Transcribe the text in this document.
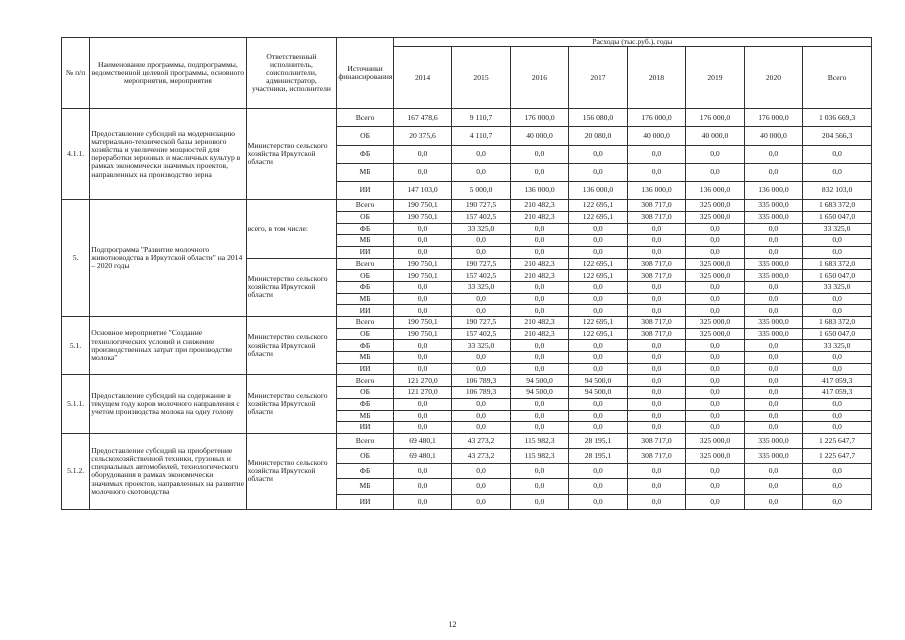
№ п/п	Наименование программы, подпрограммы, ведомственной целевой программы, основного мероприятия, мероприятия	Ответственный исполнитель, соисполнители, администратор, участники, исполнители	Источники финансирования	Расходы (тыс.руб.), годы							
				2014	2015	2016	2017	2018	2019	2020	Всего
4.1.1.	Предоставление субсидий на модернизацию материально-технической базы зернового хозяйства и увеличение мощностей для переработки зерновых и масличных культур в рамках экономически значимых проектов, направленных на производство зерна	Министерство сельского хозяйства Иркутской области	Всего	167 478,6	9 110,7	176 000,0	156 080,0	176 000,0	176 000,0	176 000,0	1 036 669,3
			ОБ	20 375,6	4 110,7	40 000,0	20 080,0	40 000,0	40 000,0	40 000,0	204 566,3
			ФБ	0,0	0,0	0,0	0,0	0,0	0,0	0,0	0,0
			МБ	0,0	0,0	0,0	0,0	0,0	0,0	0,0	0,0
			ИИ	147 103,0	5 000,0	136 000,0	136 000,0	136 000,0	136 000,0	136 000,0	832 103,0
5.	Подпрограмма "Развитие молочного животноводства в Иркутской области" на 2014 – 2020 годы	всего, в том числе:	Всего	190 750,1	190 727,5	210 482,3	122 695,1	308 717,0	325 000,0	335 000,0	1 683 372,0
			ОБ	190 750,1	157 402,5	210 482,3	122 695,1	308 717,0	325 000,0	335 000,0	1 650 047,0
			ФБ	0,0	33 325,0	0,0	0,0	0,0	0,0	0,0	33 325,0
			МБ	0,0	0,0	0,0	0,0	0,0	0,0	0,0	0,0
			ИИ	0,0	0,0	0,0	0,0	0,0	0,0	0,0	0,0
		Министерство сельского хозяйства Иркутской области	Всего	190 750,1	190 727,5	210 482,3	122 695,1	308 717,0	325 000,0	335 000,0	1 683 372,0
			ОБ	190 750,1	157 402,5	210 482,3	122 695,1	308 717,0	325 000,0	335 000,0	1 650 047,0
			ФБ	0,0	33 325,0	0,0	0,0	0,0	0,0	0,0	33 325,0
			МБ	0,0	0,0	0,0	0,0	0,0	0,0	0,0	0,0
			ИИ	0,0	0,0	0,0	0,0	0,0	0,0	0,0	0,0
5.1.	Основное мероприятие "Создание технологических условий и снижение производственных затрат при производстве молока"	Министерство сельского хозяйства Иркутской области	Всего	190 750,1	190 727,5	210 482,3	122 695,1	308 717,0	325 000,0	335 000,0	1 683 372,0
			ОБ	190 750,1	157 402,5	210 482,3	122 695,1	308 717,0	325 000,0	335 000,0	1 650 047,0
			ФБ	0,0	33 325,0	0,0	0,0	0,0	0,0	0,0	33 325,0
			МБ	0,0	0,0	0,0	0,0	0,0	0,0	0,0	0,0
			ИИ	0,0	0,0	0,0	0,0	0,0	0,0	0,0	0,0
5.1.1.	Предоставление субсидий на содержание в текущем году коров молочного направления с учетом производства молока на одну голову	Министерство сельского хозяйства Иркутской области	Всего	121 270,0	106 789,3	94 500,0	94 500,0	0,0	0,0	0,0	417 059,3
			ОБ	121 270,0	106 789,3	94 500,0	94 500,0	0,0	0,0	0,0	417 059,3
			ФБ	0,0	0,0	0,0	0,0	0,0	0,0	0,0	0,0
			МБ	0,0	0,0	0,0	0,0	0,0	0,0	0,0	0,0
			ИИ	0,0	0,0	0,0	0,0	0,0	0,0	0,0	0,0
5.1.2.	Предоставление субсидий на приобретение сельскохозяйственной техники, грузовых и специальных автомобилей, технологического оборудования в рамках экономически значимых проектов, направленных на развитие молочного скотоводства	Министерство сельского хозяйства Иркутской области	Всего	69 480,1	43 273,2	115 982,3	28 195,1	308 717,0	325 000,0	335 000,0	1 225 647,7
			ОБ	69 480,1	43 273,2	115 982,3	28 195,1	308 717,0	325 000,0	335 000,0	1 225 647,7
			ФБ	0,0	0,0	0,0	0,0	0,0	0,0	0,0	0,0
			МБ	0,0	0,0	0,0	0,0	0,0	0,0	0,0	0,0
			ИИ	0,0	0,0	0,0	0,0	0,0	0,0	0,0	0,0
12
